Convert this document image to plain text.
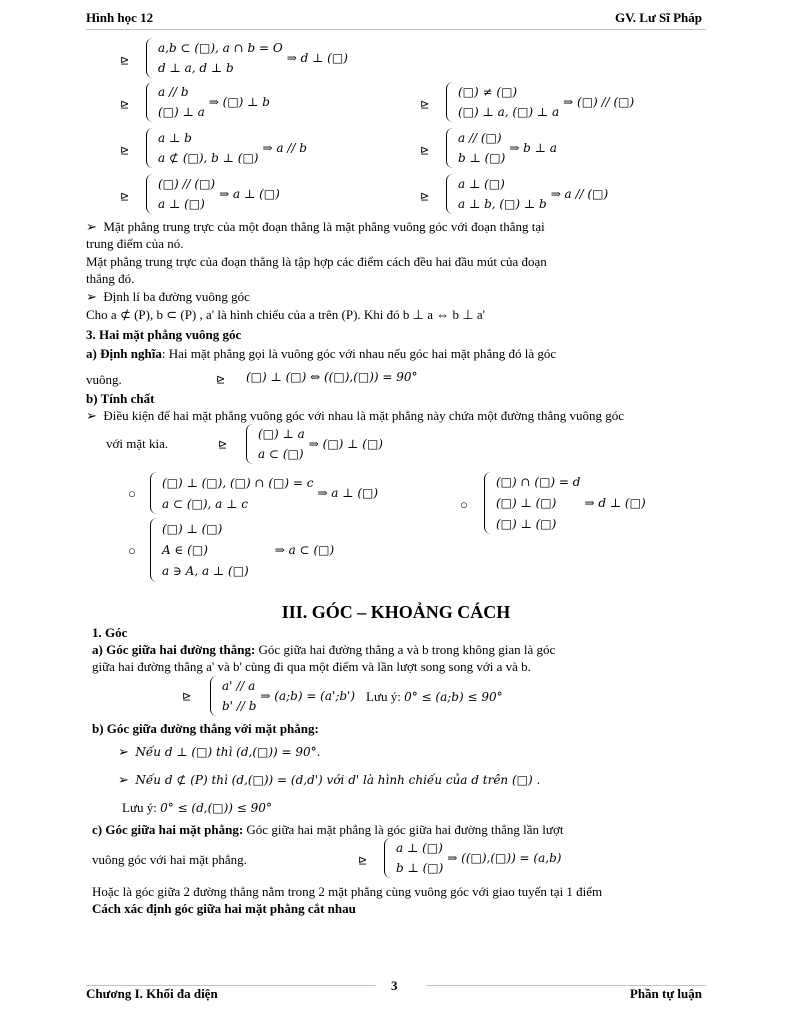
Hình học 12	GV. Lư Sĩ Pháp
⊵
a,b ⊂ (□), a ∩ b = O
d ⊥ a, d ⊥ b
⇒ d ⊥ (□)
⊵
a // b
(□) ⊥ a
⇒ (□) ⊥ b	⊵
(□) ≠ (□)
(□) ⊥ a, (□) ⊥ a
⇒ (□) // (□)
⊵
a ⊥ b
a ⊄ (□), b ⊥ (□)
⇒ a // b	⊵
a // (□)
b ⊥ (□)
⇒ b ⊥ a
⊵
(□) // (□)
a ⊥ (□)
⇒ a ⊥ (□)	⊵
a ⊥ (□)
a ⊥ b, (□) ⊥ b
⇒ a // (□)
➢ Mặt phẳng trung trực của một đoạn thẳng là mặt phẳng vuông góc với đoạn thẳng tại
trung điểm của nó.
Mặt phẳng trung trực của đoạn thẳng là tập hợp các điểm cách đều hai đầu mút của đoạn
thẳng đó.
➢ Định lí ba đường vuông góc
Cho a ⊄ (P), b ⊂ (P) , a' là hình chiếu của a trên (P). Khi đó b ⊥ a ⇔ b ⊥ a'
3. Hai mặt phẳng vuông góc
a) Định nghĩa: Hai mặt phẳng gọi là vuông góc với nhau nếu góc hai mặt phẳng đó là góc
vuông.	⊵ (□) ⊥ (□) ⇔ ((□),(□)) = 90°
b) Tính chất
➢ Điều kiện để hai mặt phẳng vuông góc với nhau là mặt phẳng này chứa một đường thẳng vuông góc
với mặt kia.	⊵
(□) ⊥ a
a ⊂ (□)
⇒ (□) ⊥ (□)
○
(□) ⊥ (□), (□) ∩ (□) = c
a ⊂ (□), a ⊥ c
⇒ a ⊥ (□)
○
(□) ∩ (□) = d
(□) ⊥ (□)
(□) ⊥ (□)
⇒ d ⊥ (□)
○
(□) ⊥ (□)
A ∈ (□)
a ∋ A, a ⊥ (□)
⇒ a ⊂ (□)
III. GÓC – KHOẢNG CÁCH
1. Góc
a) Góc giữa hai đường thẳng: Góc giữa hai đường thẳng a và b trong không gian là góc
giữa hai đường thẳng a' và b' cùng đi qua một điểm và lần lượt song song với a và b.
⊵
a' // a
b' // b
⇒ (a;b) = (a';b') Lưu ý: 0° ≤ (a;b) ≤ 90°
b) Góc giữa đường thẳng với mặt phẳng:
➢ Nếu d ⊥ (□) thì (d,(□)) = 90°.
➢ Nếu d ⊄ (P) thì (d,(□)) = (d,d') với d' là hình chiếu của d trên (□) .
Lưu ý: 0° ≤ (d,(□)) ≤ 90°
c) Góc giữa hai mặt phẳng: Góc giữa hai mặt phẳng là góc giữa hai đường thẳng lần lượt
vuông góc với hai mặt phẳng.	⊵
a ⊥ (□)
b ⊥ (□)
⇒ ((□),(□)) = (a,b)
Hoặc là góc giữa 2 đường thẳng nằm trong 2 mặt phẳng cùng vuông góc với giao tuyến tại 1 điểm
Cách xác định góc giữa hai mặt phẳng cắt nhau
3
Chương I. Khối đa diện	Phần tự luận
